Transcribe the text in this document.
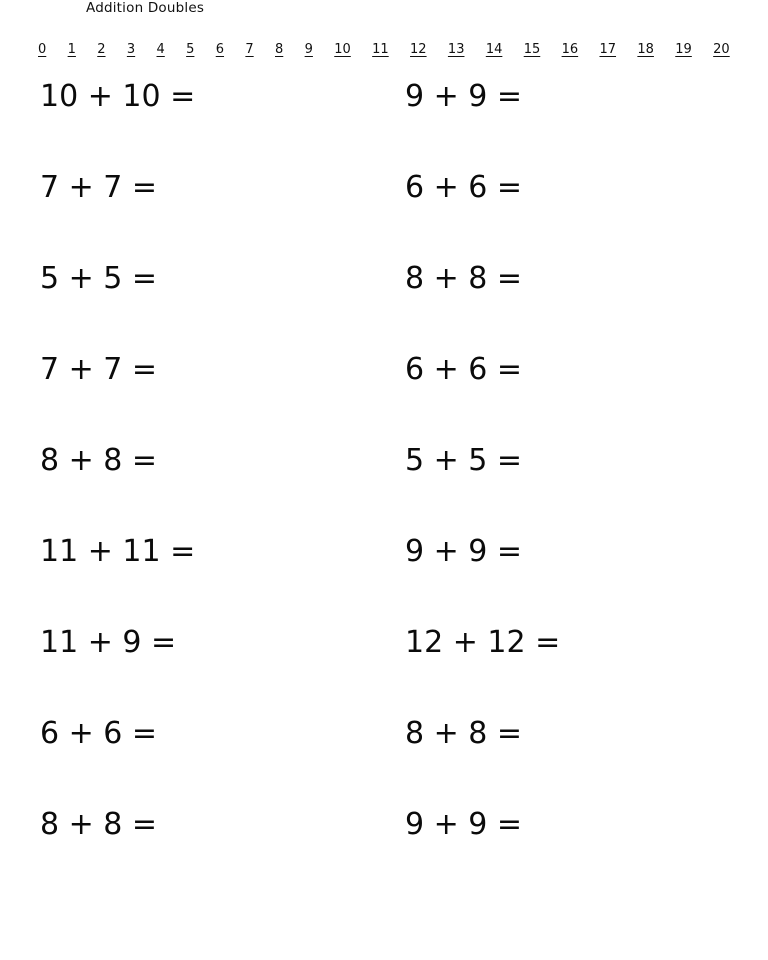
Addition Doubles
0 1 2 3 4 5 6 7 8 9 10 11 12 13 14 15 16 17 18 19 20
10 + 10 =	9 + 9 =
7 + 7 =	6 + 6 =
5 + 5 =	8 + 8 =
7 + 7 =	6 + 6 =
8 + 8 =	5 + 5 =
11 + 11 =	9 + 9 =
11 + 9 =	12 + 12 =
6 + 6 =	8 + 8 =
8 + 8 =	9 + 9 =
